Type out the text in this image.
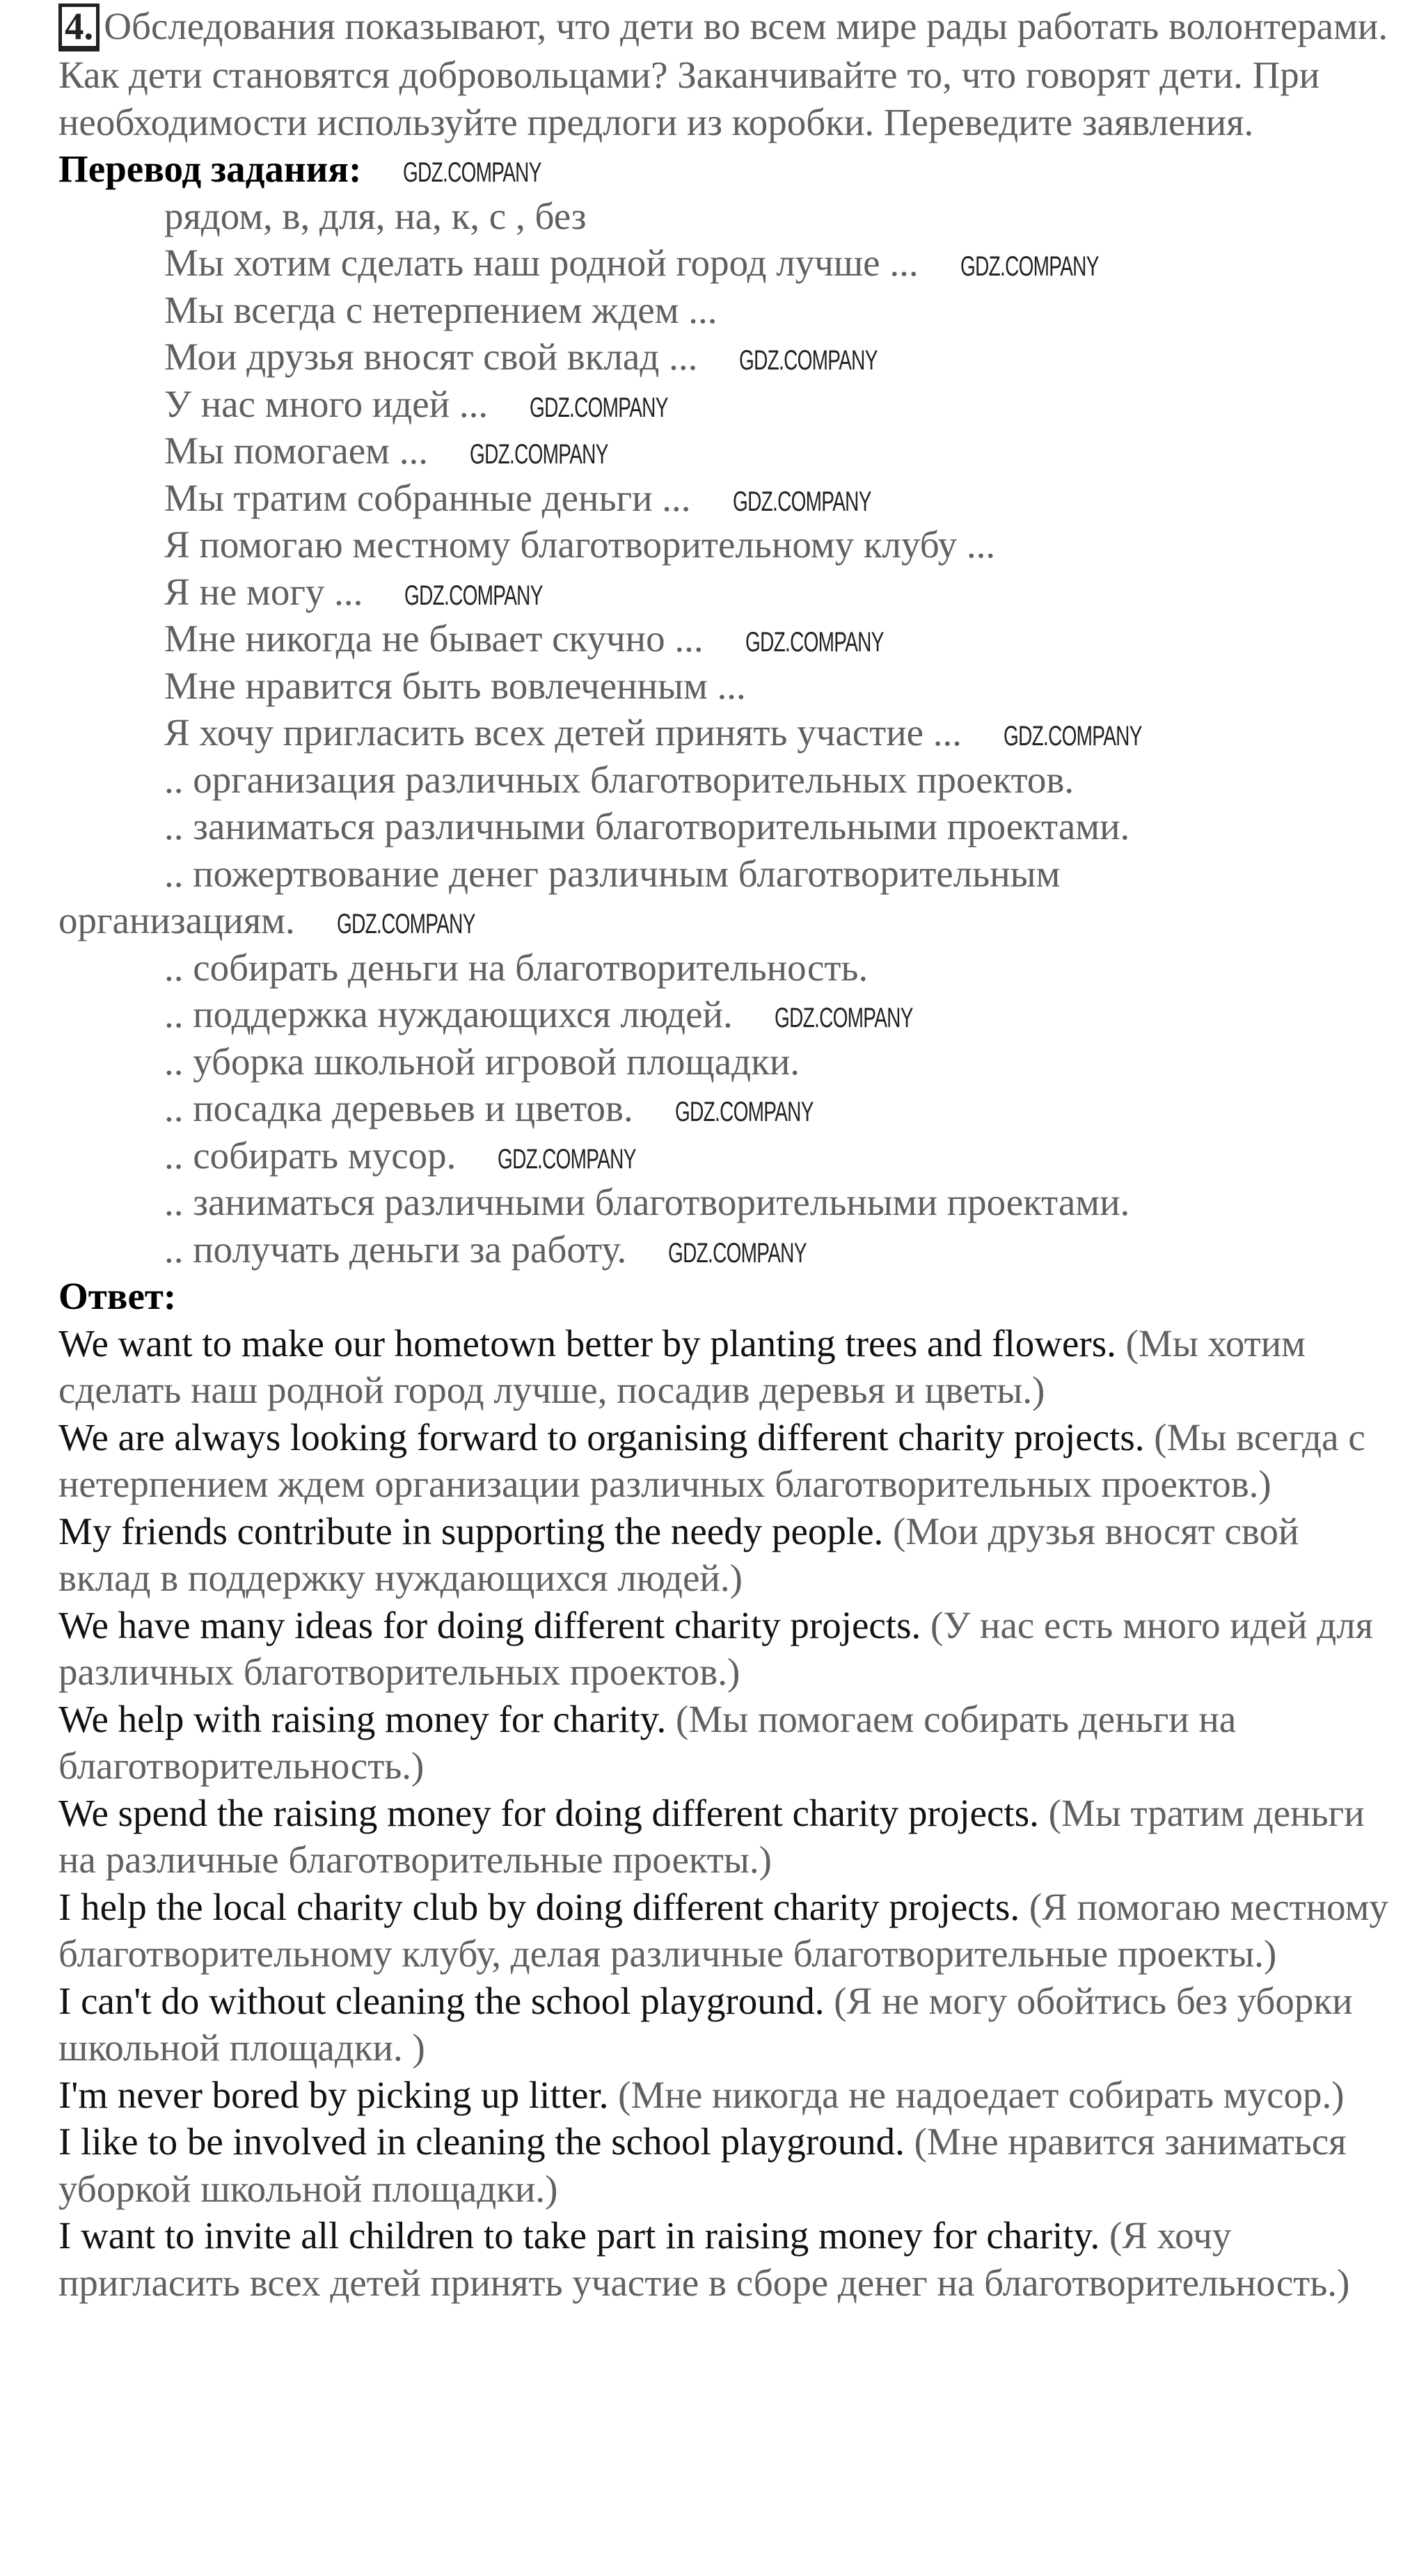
4. Обследования показывают, что дети во всем мире рады работать волонтерами. Как дети становятся добровольцами? Заканчивайте то, что говорят дети. При необходимости используйте предлоги из коробки. Переведите заявления.
Перевод задания: GDZ.COMPANY
рядом, в, для, на, к, с , без
Мы хотим сделать наш родной город лучше ... GDZ.COMPANY
Мы всегда с нетерпением ждем ...
Мои друзья вносят свой вклад ... GDZ.COMPANY
У нас много идей ... GDZ.COMPANY
Мы помогаем ... GDZ.COMPANY
Мы тратим собранные деньги ... GDZ.COMPANY
Я помогаю местному благотворительному клубу ...
Я не могу ... GDZ.COMPANY
Мне никогда не бывает скучно ... GDZ.COMPANY
Мне нравится быть вовлеченным ...
Я хочу пригласить всех детей принять участие ... GDZ.COMPANY
.. организация различных благотворительных проектов.
.. заниматься различными благотворительными проектами.
.. пожертвование денег различным благотворительным
организациям. GDZ.COMPANY
.. собирать деньги на благотворительность.
.. поддержка нуждающихся людей. GDZ.COMPANY
.. уборка школьной игровой площадки.
.. посадка деревьев и цветов. GDZ.COMPANY
.. собирать мусор. GDZ.COMPANY
.. заниматься различными благотворительными проектами.
.. получать деньги за работу. GDZ.COMPANY
Ответ:

We want to make our hometown better by planting trees and flowers. (Мы хотим сделать наш родной город лучше, посадив деревья и цветы.)

We are always looking forward to organising different charity projects. (Мы всегда с нетерпением ждем организации различных благотворительных проектов.)

My friends contribute in supporting the needy people. (Мои друзья вносят свой вклад в поддержку нуждающихся людей.)

We have many ideas for doing different charity projects. (У нас есть много идей для различных благотворительных проектов.)

We help with raising money for charity. (Мы помогаем собирать деньги на благотворительность.)

We spend the raising money for doing different charity projects. (Мы тратим деньги на различные благотворительные проекты.)

I help the local charity club by doing different charity projects. (Я помогаю местному благотворительному клубу, делая различные благотворительные проекты.)

I can't do without cleaning the school playground. (Я не могу обойтись без уборки школьной площадки. )

I'm never bored by picking up litter. (Мне никогда не надоедает собирать мусор.)

I like to be involved in cleaning the school playground. (Мне нравится заниматься уборкой школьной площадки.)

I want to invite all children to take part in raising money for charity. (Я хочу пригласить всех детей принять участие в сборе денег на благотворительность.)
